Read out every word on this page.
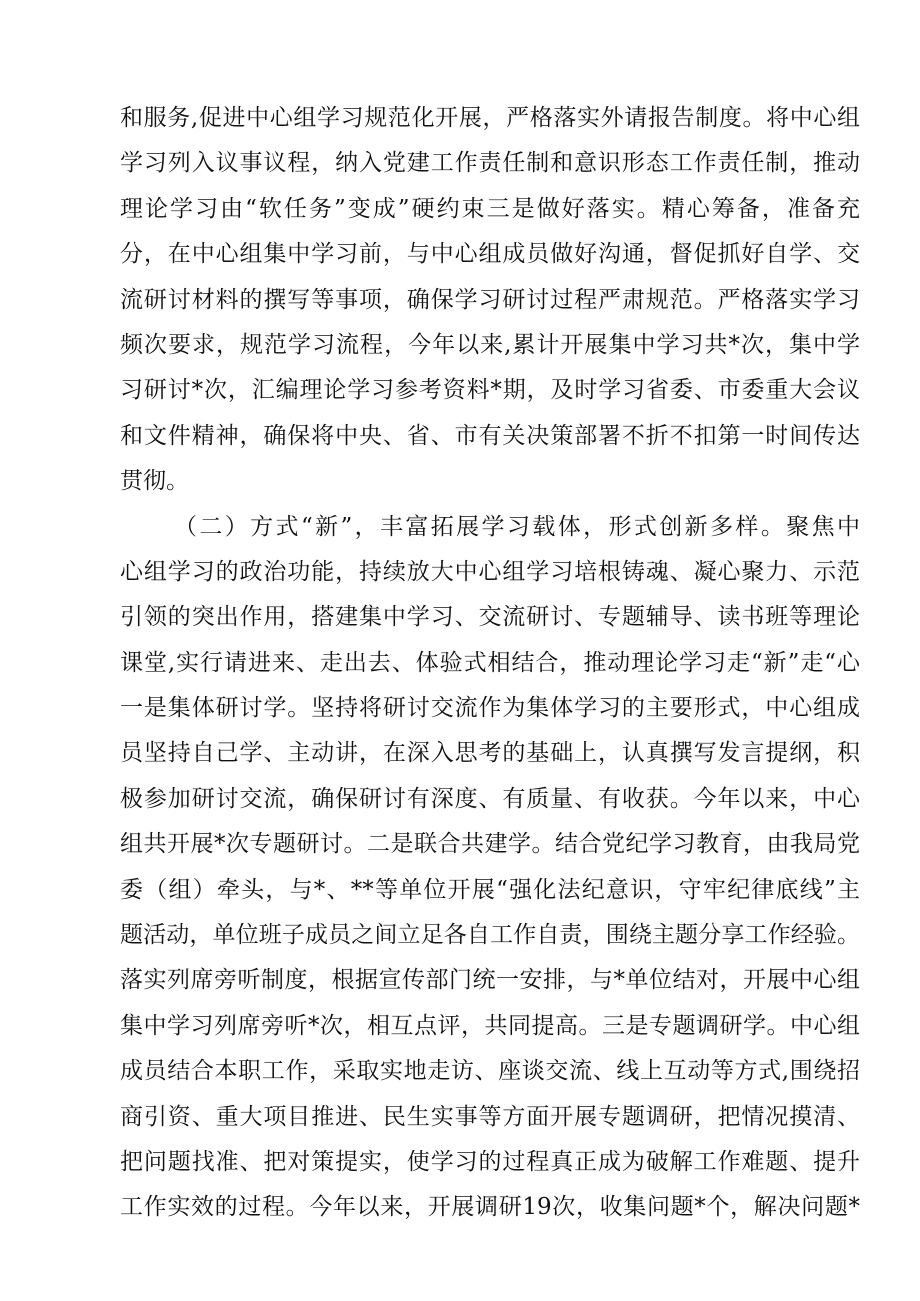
和服务,促进中心组学习规范化开展，严格落实外请报告制度。将中心组
学习列入议事议程，纳入党建工作责任制和意识形态工作责任制，推动
理论学习由“软任务”变成”硬约束三是做好落实。精心筹备，准备充
分，在中心组集中学习前，与中心组成员做好沟通，督促抓好自学、交
流研讨材料的撰写等事项，确保学习研讨过程严肃规范。严格落实学习
频次要求，规范学习流程，今年以来,累计开展集中学习共*次，集中学
习研讨*次，汇编理论学习参考资料*期，及时学习省委、市委重大会议
和文件精神，确保将中央、省、市有关决策部署不折不扣第一时间传达
贯彻。
（二）方式“新”，丰富拓展学习载体，形式创新多样。聚焦中
心组学习的政治功能，持续放大中心组学习培根铸魂、凝心聚力、示范
引领的突出作用，搭建集中学习、交流研讨、专题辅导、读书班等理论
课堂,实行请进来、走出去、体验式相结合，推动理论学习走“新”走“心
一是集体研讨学。坚持将研讨交流作为集体学习的主要形式，中心组成
员坚持自己学、主动讲，在深入思考的基础上，认真撰写发言提纲，积
极参加研讨交流，确保研讨有深度、有质量、有收获。今年以来，中心
组共开展*次专题研讨。二是联合共建学。结合党纪学习教育，由我局党
委（组）牵头，与*、**等单位开展“强化法纪意识，守牢纪律底线”主
题活动，单位班子成员之间立足各自工作自责，围绕主题分享工作经验。
落实列席旁听制度，根据宣传部门统一安排，与*单位结对，开展中心组
集中学习列席旁听*次，相互点评，共同提高。三是专题调研学。中心组
成员结合本职工作，采取实地走访、座谈交流、线上互动等方式,围绕招
商引资、重大项目推进、民生实事等方面开展专题调研，把情况摸清、
把问题找准、把对策提实，使学习的过程真正成为破解工作难题、提升
工作实效的过程。今年以来，开展调研19次，收集问题*个，解决问题*
